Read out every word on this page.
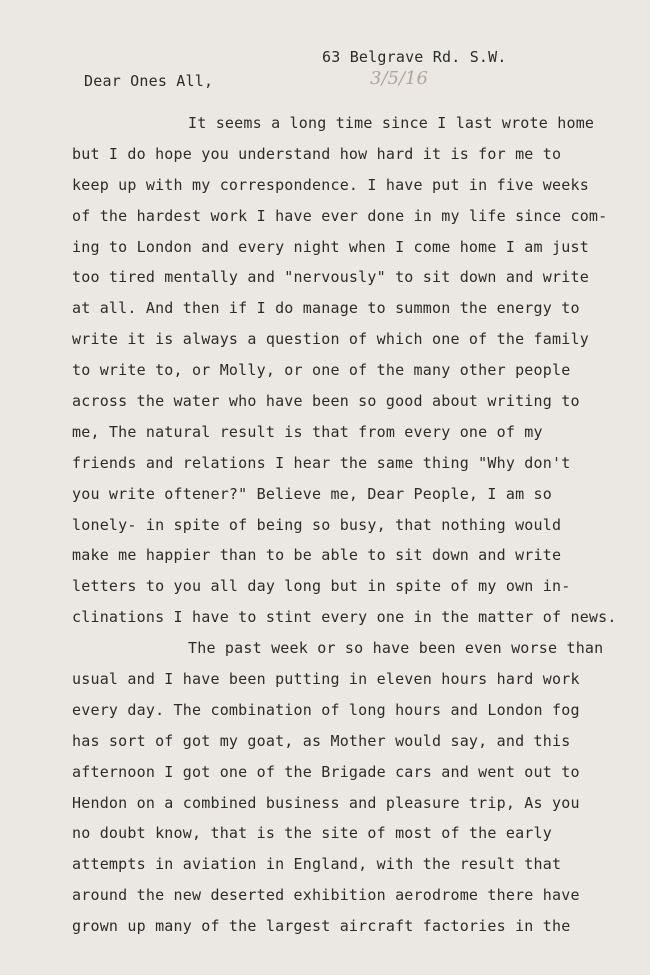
63 Belgrave Rd. S.W.
3/5/16
Dear Ones All,
It seems a long time since I last wrote home
but I do hope you understand how hard it is for me to
keep up with my correspondence. I have put in five weeks
of the hardest work I have ever done in my life since com-
ing to London and every night when I come home I am just
too tired mentally and "nervously" to sit down and write
at all. And then if I do manage to summon the energy to
write it is always a question of which one of the family
to write to, or Molly, or one of the many other people
across the water who have been so good about writing to
me, The natural result is that from every one of my
friends and relations I hear the same thing "Why don't
you write oftener?" Believe me, Dear People, I am so
lonely- in spite of being so busy, that nothing would
make me happier than to be able to sit down and write
letters to you all day long but in spite of my own in-
clinations I have to stint every one in the matter of news.
The past week or so have been even worse than
usual and I have been putting in eleven hours hard work
every day. The combination of long hours and London fog
has sort of got my goat, as Mother would say, and this
afternoon I got one of the Brigade cars and went out to
Hendon on a combined business and pleasure trip, As you
no doubt know, that is the site of most of the early
attempts in aviation in England, with the result that
around the new deserted exhibition aerodrome there have
grown up many of the largest aircraft factories in the
